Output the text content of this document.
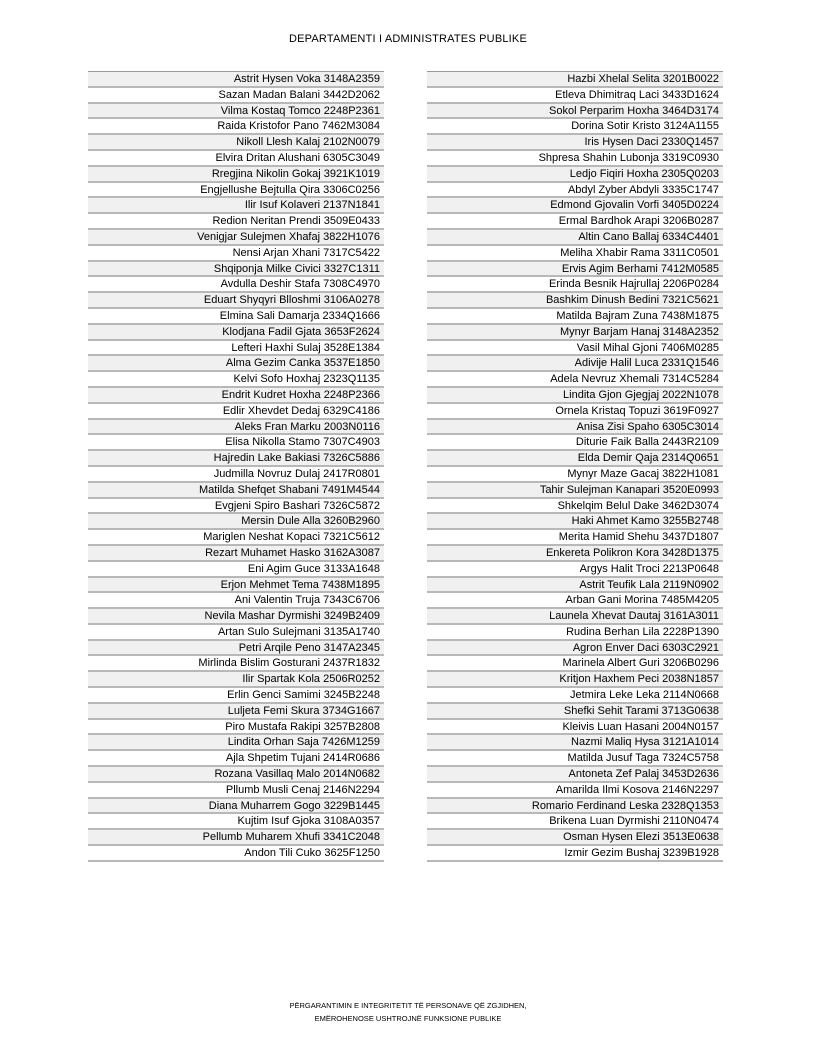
DEPARTAMENTI I ADMINISTRATES PUBLIKE
Astrit Hysen Voka 3148A2359
Sazan Madan Balani 3442D2062
Vilma Kostaq Tomco 2248P2361
Raida Kristofor Pano 7462M3084
Nikoll Llesh Kalaj 2102N0079
Elvira Dritan Alushani 6305C3049
Rregjina Nikolin Gokaj 3921K1019
Engjellushe Bejtulla Qira 3306C0256
Ilir Isuf Kolaveri 2137N1841
Redion Neritan Prendi 3509E0433
Venigjar Sulejmen Xhafaj 3822H1076
Nensi Arjan Xhani 7317C5422
Shqiponja Milke Civici 3327C1311
Avdulla Deshir Stafa 7308C4970
Eduart Shyqyri Blloshmi 3106A0278
Elmina Sali Damarja 2334Q1666
Klodjana Fadil Gjata 3653F2624
Lefteri Haxhi Sulaj 3528E1384
Alma Gezim Canka 3537E1850
Kelvi Sofo Hoxhaj 2323Q1135
Endrit Kudret Hoxha 2248P2366
Edlir Xhevdet Dedaj 6329C4186
Aleks Fran Marku 2003N0116
Elisa Nikolla Stamo 7307C4903
Hajredin Lake Bakiasi 7326C5886
Judmilla Novruz Dulaj 2417R0801
Matilda Shefqet Shabani 7491M4544
Evgjeni Spiro Bashari 7326C5872
Mersin Dule Alla 3260B2960
Mariglen Neshat Kopaci 7321C5612
Rezart Muhamet Hasko 3162A3087
Eni Agim Guce 3133A1648
Erjon Mehmet Tema 7438M1895
Ani Valentin Truja 7343C6706
Nevila Mashar Dyrmishi 3249B2409
Artan Sulo Sulejmani 3135A1740
Petri Arqile Peno 3147A2345
Mirlinda Bislim Gosturani 2437R1832
Ilir Spartak Kola 2506R0252
Erlin Genci Samimi 3245B2248
Luljeta Femi Skura 3734G1667
Piro Mustafa Rakipi 3257B2808
Lindita Orhan Saja 7426M1259
Ajla Shpetim Tujani 2414R0686
Rozana Vasillaq Malo 2014N0682
Pllumb Musli Cenaj 2146N2294
Diana Muharrem Gogo 3229B1445
Kujtim Isuf Gjoka 3108A0357
Pellumb Muharem Xhufi 3341C2048
Andon Tili Cuko 3625F1250
Hazbi Xhelal Selita 3201B0022
Etleva Dhimitraq Laci 3433D1624
Sokol Perparim Hoxha 3464D3174
Dorina Sotir Kristo 3124A1155
Iris Hysen Daci 2330Q1457
Shpresa Shahin Lubonja 3319C0930
Ledjo Fiqiri Hoxha 2305Q0203
Abdyl Zyber Abdyli 3335C1747
Edmond Gjovalin Vorfi 3405D0224
Ermal Bardhok Arapi 3206B0287
Altin Cano Ballaj 6334C4401
Meliha Xhabir Rama 3311C0501
Ervis Agim Berhami 7412M0585
Erinda Besnik Hajrullaj 2206P0284
Bashkim Dinush Bedini 7321C5621
Matilda Bajram Zuna 7438M1875
Mynyr Barjam Hanaj 3148A2352
Vasil Mihal Gjoni 7406M0285
Adivije Halil Luca 2331Q1546
Adela Nevruz Xhemali 7314C5284
Lindita Gjon Gjegjaj 2022N1078
Ornela Kristaq Topuzi 3619F0927
Anisa Zisi Spaho 6305C3014
Diturie Faik Balla 2443R2109
Elda Demir Qaja 2314Q0651
Mynyr Maze Gacaj 3822H1081
Tahir Sulejman Kanapari 3520E0993
Shkelqim Belul Dake 3462D3074
Haki Ahmet Kamo 3255B2748
Merita Hamid Shehu 3437D1807
Enkereta Polikron Kora 3428D1375
Argys Halit Troci 2213P0648
Astrit Teufik Lala 2119N0902
Arban Gani Morina 7485M4205
Launela Xhevat Dautaj 3161A3011
Rudina Berhan Lila 2228P1390
Agron Enver Daci 6303C2921
Marinela Albert Guri 3206B0296
Kritjon Haxhem Peci 2038N1857
Jetmira Leke Leka 2114N0668
Shefki Sehit Tarami 3713G0638
Kleivis Luan Hasani 2004N0157
Nazmi Maliq Hysa 3121A1014
Matilda Jusuf Taga 7324C5758
Antoneta Zef Palaj 3453D2636
Amarilda Ilmi Kosova 2146N2297
Romario Ferdinand Leska 2328Q1353
Brikena Luan Dyrmishi 2110N0474
Osman Hysen Elezi 3513E0638
Izmir Gezim Bushaj 3239B1928
PËRGARANTIMIN E INTEGRITETIT TË PERSONAVE QË ZGJIDHEN,
EMËROHENOSE USHTROJNË FUNKSIONE PUBLIKE
